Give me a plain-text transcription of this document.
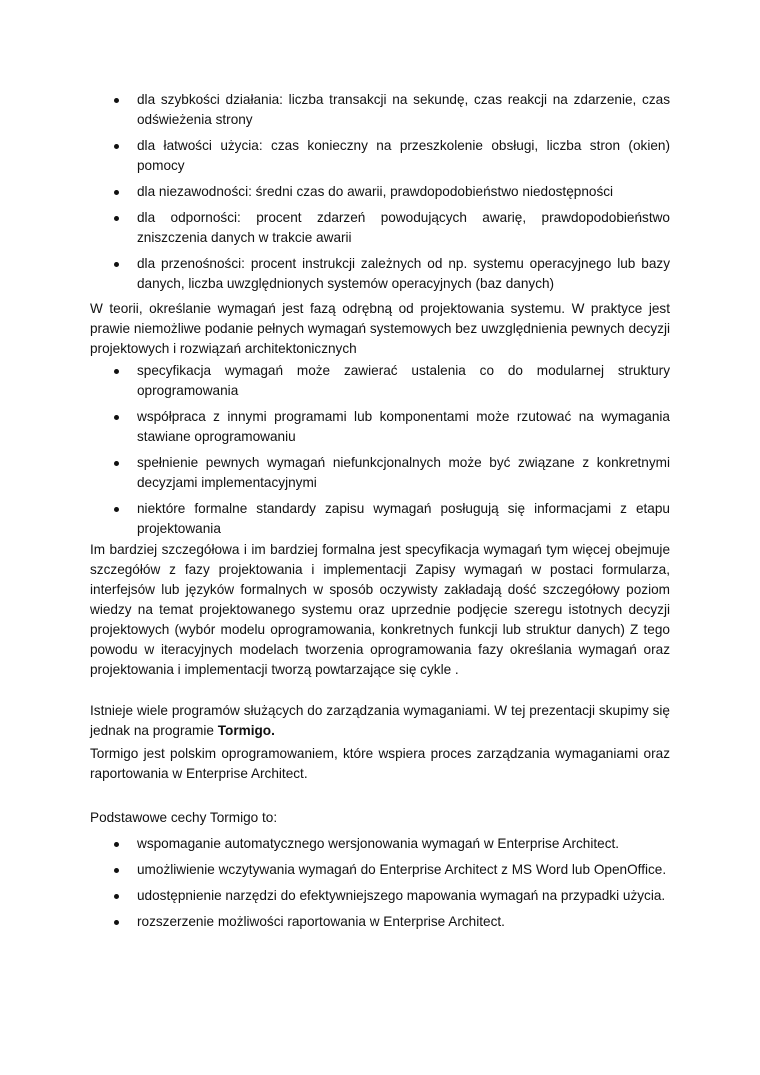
dla szybkości działania: liczba transakcji na sekundę, czas reakcji na zdarzenie, czas odświeżenia strony
dla łatwości użycia: czas konieczny na przeszkolenie obsługi, liczba stron (okien) pomocy
dla niezawodności: średni czas do awarii, prawdopodobieństwo niedostępności
dla odporności: procent zdarzeń powodujących awarię, prawdopodobieństwo zniszczenia danych w trakcie awarii
dla przenośności: procent instrukcji zależnych od np. systemu operacyjnego lub bazy danych, liczba uwzględnionych systemów operacyjnych (baz danych)

W teorii, określanie wymagań jest fazą odrębną od projektowania systemu. W praktyce jest prawie niemożliwe podanie pełnych wymagań systemowych bez uwzględnienia pewnych decyzji projektowych i rozwiązań architektonicznych

specyfikacja wymagań może zawierać ustalenia co do modularnej struktury oprogramowania
współpraca z innymi programami lub komponentami może rzutować na wymagania stawiane oprogramowaniu
spełnienie pewnych wymagań niefunkcjonalnych może być związane z konkretnymi decyzjami implementacyjnymi
niektóre formalne standardy zapisu wymagań posługują się informacjami z etapu projektowania

Im bardziej szczegółowa i im bardziej formalna jest specyfikacja wymagań tym więcej obejmuje szczegółów z fazy projektowania i implementacji Zapisy wymagań w postaci formularza, interfejsów lub języków formalnych w sposób oczywisty zakładają dość szczegółowy poziom wiedzy na temat projektowanego systemu oraz uprzednie podjęcie szeregu istotnych decyzji projektowych (wybór modelu oprogramowania, konkretnych funkcji lub struktur danych) Z tego powodu w iteracyjnych modelach tworzenia oprogramowania fazy określania wymagań oraz projektowania i implementacji tworzą powtarzające się cykle .

Istnieje wiele programów służących do zarządzania wymaganiami. W tej prezentacji skupimy się jednak na programie Tormigo.

Tormigo jest polskim oprogramowaniem, które wspiera proces zarządzania wymaganiami oraz raportowania w Enterprise Architect.

Podstawowe cechy Tormigo to:

wspomaganie automatycznego wersjonowania wymagań w Enterprise Architect.
umożliwienie wczytywania wymagań do Enterprise Architect z MS Word lub OpenOffice.
udostępnienie narzędzi do efektywniejszego mapowania wymagań na przypadki użycia.
rozszerzenie możliwości raportowania w Enterprise Architect.
